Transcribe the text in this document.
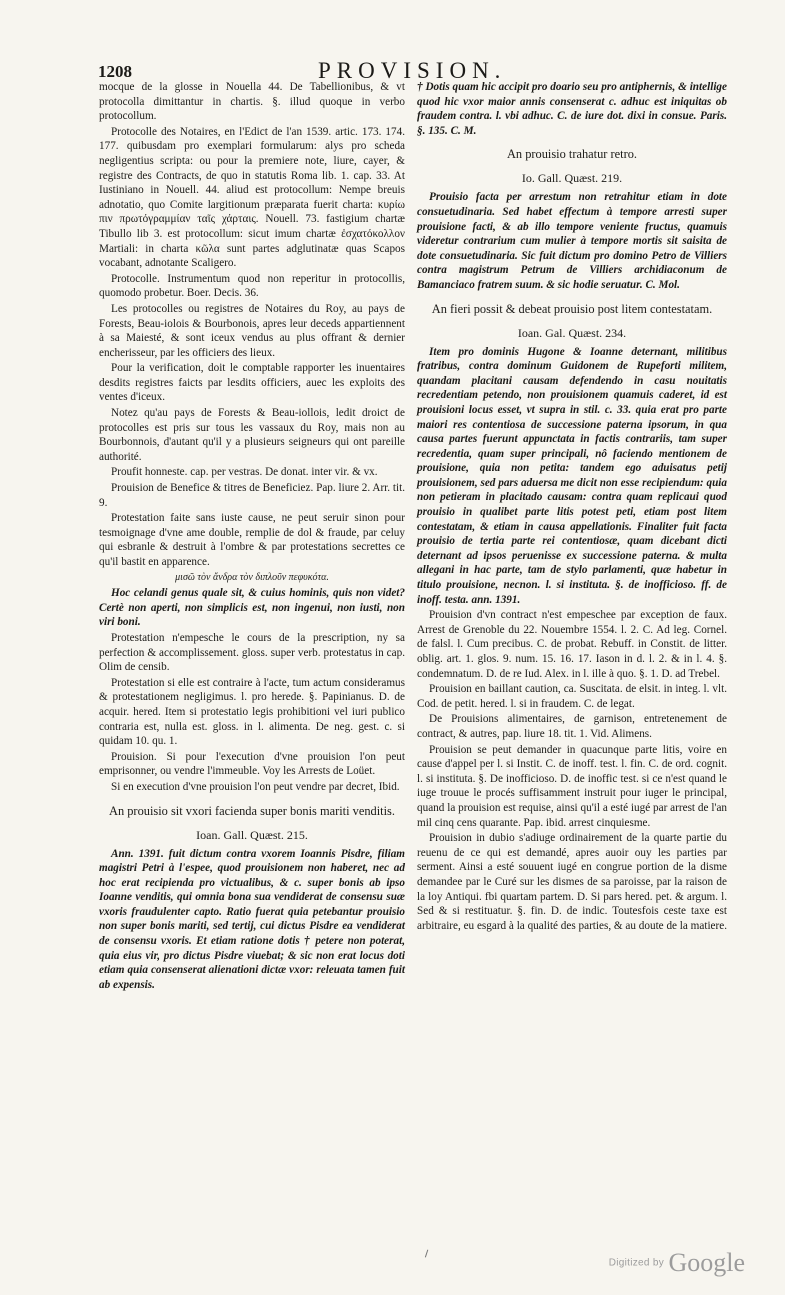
1208	PROVISION.

mocque de la glosse in Nouella 44. De Tabellionibus, & vt protocolla dimittantur in chartis. §. illud quoque in verbo protocollum.

Protocolle des Notaires, en l'Edict de l'an 1539. artic. 173. 174. 177. quibusdam pro exemplari formularum: alys pro scheda negligentius scripta: ou pour la premiere note, liure, cayer, & registre des Contracts, de quo in statutis Roma lib. 1. cap. 33. At Iustiniano in Nouell. 44. aliud est protocollum: Nempe breuis adnotatio, quo Comite largitionum præparata fuerit charta: κυρίω πιν πρωτόγραμμίαν ταῖς χάρταις. Nouell. 73. fastigium chartæ Tibullo lib 3. est protocollum: sicut imum chartæ ἐσχατόκολλον Martiali: in charta κῶλα sunt partes adglutinatæ quas Scapos vocabant, adnotante Scaligero.

Protocolle. Instrumentum quod non reperitur in protocollis, quomodo probetur. Boer. Decis. 36.

Les protocolles ou registres de Notaires du Roy, au pays de Forests, Beau-iolois & Bourbonois, apres leur deceds appartiennent à sa Maiesté, & sont iceux vendus au plus offrant & dernier encherisseur, par les officiers des lieux.

Pour la verification, doit le comptable rapporter les inuentaires desdits registres faicts par lesdits officiers, auec les exploits des ventes d'iceux.

Notez qu'au pays de Forests & Beau-iollois, ledit droict de protocolles est pris sur tous les vassaux du Roy, mais non au Bourbonnois, d'autant qu'il y a plusieurs seigneurs qui ont pareille authorité.

Proufit honneste. cap. per vestras. De donat. inter vir. & vx.

Prouision de Benefice & titres de Beneficiez. Pap. liure 2. Arr. tit. 9.

Protestation faite sans iuste cause, ne peut seruir sinon pour tesmoignage d'vne ame double, remplie de dol & fraude, par celuy qui esbranle & destruit à l'ombre & par protestations secrettes ce qu'il bastit en apparence.

μισῶ τὸν ἄνδρα τὸν διπλοῦν πεφυκότα.

Hoc celandi genus quale sit, & cuius hominis, quis non videt? Certè non aperti, non simplicis est, non ingenui, non iusti, non viri boni.

Protestation n'empesche le cours de la prescription, ny sa perfection & accomplissement. gloss. super verb. protestatus in cap. Olim de censib.

Protestation si elle est contraire à l'acte, tum actum consideramus & protestationem negligimus. l. pro herede. §. Papinianus. D. de acquir. hered. Item si protestatio legis prohibitioni vel iuri publico contraria est, nulla est. gloss. in l. alimenta. De neg. gest. c. si quidam 10. qu. 1.

Prouision. Si pour l'execution d'vne prouision l'on peut emprisonner, ou vendre l'immeuble. Voy les Arrests de Loüet.

Si en execution d'vne prouision l'on peut vendre par decret, Ibid.

An prouisio sit vxori facienda super bonis mariti venditis.
Ioan. Gall. Quæst. 215.

Ann. 1391. fuit dictum contra vxorem Ioannis Pisdre, filiam magistri Petri à l'espee, quod prouisionem non haberet, nec ad hoc erat recipienda pro victualibus, & c. super bonis ab ipso Ioanne venditis, qui omnia bona sua vendiderat de consensu suæ vxoris fraudulenter capto. Ratio fuerat quia petebantur prouisio non super bonis mariti, sed tertij, cui dictus Pisdre ea vendiderat de consensu vxoris. Et etiam ratione dotis † petere non poterat, quia eius vir, pro dictus Pisdre viuebat; & sic non erat locus doti etiam quia consenserat alienationi dictæ vxor: releuata tamen fuit ab expensis.

† Dotis quam hic accipit pro doario seu pro antiphernis, & intellige quod hic vxor maior annis consenserat c. adhuc est iniquitas ob fraudem contra. l. vbi adhuc. C. de iure dot. dixi in consue. Paris. §. 135. C. M.

An prouisio trahatur retro.
Io. Gall. Quæst. 219.

Prouisio facta per arrestum non retrahitur etiam in dote consuetudinaria. Sed habet effectum à tempore arresti super prouisione facti, & ab illo tempore veniente fructus, quamuis videretur contrarium cum mulier à tempore mortis sit saisita de dote consuetudinaria. Sic fuit dictum pro domino Petro de Villiers contra magistrum Petrum de Villiers archidiaconum de Bamanciaco fratrem suum. & sic hodie seruatur. C. Mol.

An fieri possit & debeat prouisio post litem contestatam.
Ioan. Gal. Quæst. 234.

Item pro dominis Hugone & Ioanne deternant, militibus fratribus, contra dominum Guidonem de Rupeforti militem, quandam placitani causam defendendo in casu nouitatis recredentiam petendo, non prouisionem quamuis caderet, id est prouisioni locus esset, vt supra in stil. c. 33. quia erat pro parte maiori res contentiosa de successione paterna ipsorum, in qua causa partes fuerunt appunctata in factis contrariis, tam super recredentia, quam super principali, nô faciendo mentionem de prouisione, quia non petita: tandem ego aduisatus petij prouisionem, sed pars aduersa me dicit non esse recipiendum: quia non petieram in placitado causam: contra quam replicaui quod prouisio in qualibet parte litis potest peti, etiam post litem contestatam, & etiam in causa appellationis. Finaliter fuit facta prouisio de tertia parte rei contentiosæ, quam dicebant dicti deternant ad ipsos peruenisse ex successione paterna. & multa allegani in hac parte, tam de stylo parlamenti, quæ habetur in titulo prouisione, necnon. l. si instituta. §. de inofficioso. ff. de inoff. testa. ann. 1391.

Prouision d'vn contract n'est empeschee par exception de faux. Arrest de Grenoble du 22. Nouembre 1554. l. 2. C. Ad leg. Cornel. de falsl. l. Cum precibus. C. de probat. Rebuff. in Constit. de litter. oblig. art. 1. glos. 9. num. 15. 16. 17. Iason in d. l. 2. & in l. 4. §. condemnatum. D. de re Iud. Alex. in l. ille à quo. §. 1. D. ad Trebel.

Prouision en baillant caution, ca. Suscitata. de elsit. in integ. l. vlt. Cod. de petit. hered. l. si in fraudem. C. de legat.

De Prouisions alimentaires, de garnison, entretenement de contract, & autres, pap. liure 18. tit. 1. Vid. Alimens.

Prouision se peut demander in quacunque parte litis, voire en cause d'appel per l. si Instit. C. de inoff. test. l. fin. C. de ord. cognit. l. si instituta. §. De inofficioso. D. de inoffic test. si ce n'est quand le iuge trouue le procés suffisamment instruit pour iuger le principal, quand la prouision est requise, ainsi qu'il a esté iugé par arrest de l'an mil cinq cens quarante. Pap. ibid. arrest cinquiesme.

Prouision in dubio s'adiuge ordinairement de la quarte partie du reuenu de ce qui est demandé, apres auoir ouy les parties par serment. Ainsi a esté souuent iugé en congrue portion de la disme demandee par le Curé sur les dismes de sa paroisse, par la raison de la loy Antiqui. fbi quartam partem. D. Si pars hered. pet. & argum. l. Sed & si restituatur. §. fin. D. de indic. Toutesfois ceste taxe est arbitraire, eu esgard à la qualité des parties, & au doute de la matiere.

Digitized by Google
